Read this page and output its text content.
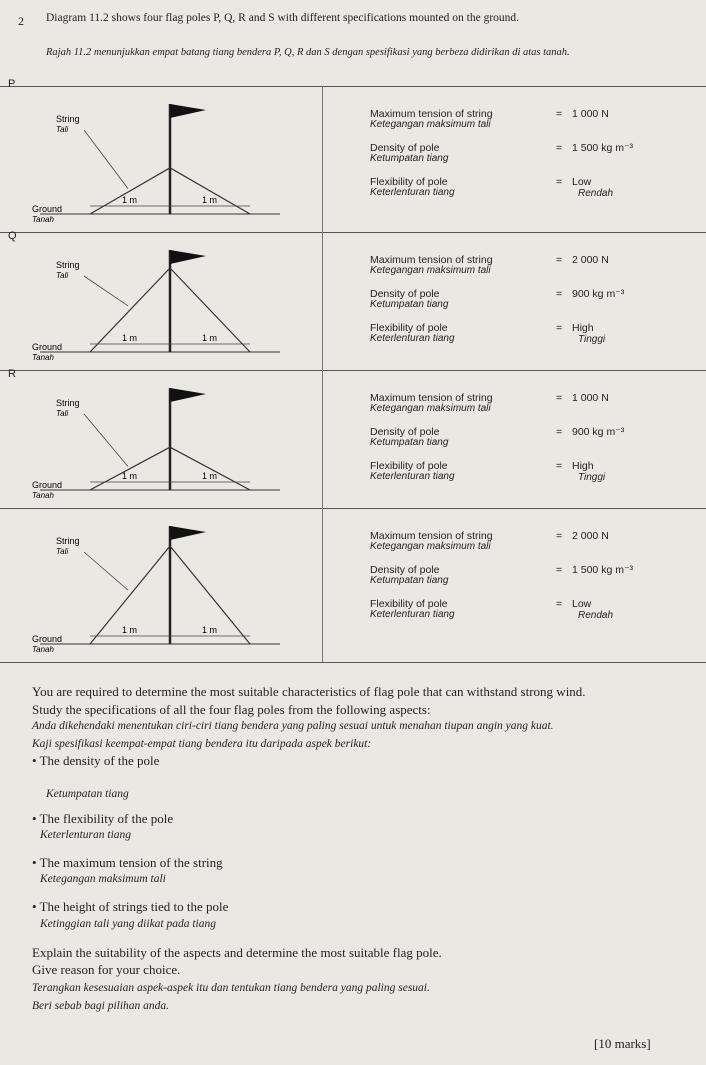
2 Diagram 11.2 shows four flag poles P, Q, R and S with different specifications mounted on the ground.
Rajah 11.2 menunjukkan empat batang tiang bendera P, Q, R dan S dengan spesifikasi yang berbeza didirikan di atas tanah.
P
String
Tali
Ground
Tanah
1 m	1 m
Maximum tension of string
Ketegangan maksimum tali
= 1 000 N
Density of pole
Ketumpatan tiang
= 1 500 kg m⁻³
Flexibility of pole
Keterlenturan tiang
= Low
Rendah
Q
String
Tali
Ground
Tanah
1 m	1 m
Maximum tension of string
Ketegangan maksimum tali
= 2 000 N
Density of pole
Ketumpatan tiang
= 900 kg m⁻³
Flexibility of pole
Keterlenturan tiang
= High
Tinggi
R
String
Tali
Ground
Tanah
1 m	1 m
Maximum tension of string
Ketegangan maksimum tali
= 1 000 N
Density of pole
Ketumpatan tiang
= 900 kg m⁻³
Flexibility of pole
Keterlenturan tiang
= High
Tinggi
String
Tali
Ground
Tanah
1 m	1 m
Maximum tension of string
Ketegangan maksimum tali
= 2 000 N
Density of pole
Ketumpatan tiang
= 1 500 kg m⁻³
Flexibility of pole
Keterlenturan tiang
= Low
Rendah
You are required to determine the most suitable characteristics of flag pole that can withstand strong wind.
Study the specifications of all the four flag poles from the following aspects:
Anda dikehendaki menentukan ciri-ciri tiang bendera yang paling sesuai untuk menahan tiupan angin yang kuat.
Kaji spesifikasi keempat-empat tiang bendera itu daripada aspek berikut:
• The density of the pole
Ketumpatan tiang
• The flexibility of the pole
Keterlenturan tiang
• The maximum tension of the string
Ketegangan maksimum tali
• The height of strings tied to the pole
Ketinggian tali yang diikat pada tiang
Explain the suitability of the aspects and determine the most suitable flag pole.
Give reason for your choice.
Terangkan kesesuaian aspek-aspek itu dan tentukan tiang bendera yang paling sesuai.
Beri sebab bagi pilihan anda.
[10 marks]
